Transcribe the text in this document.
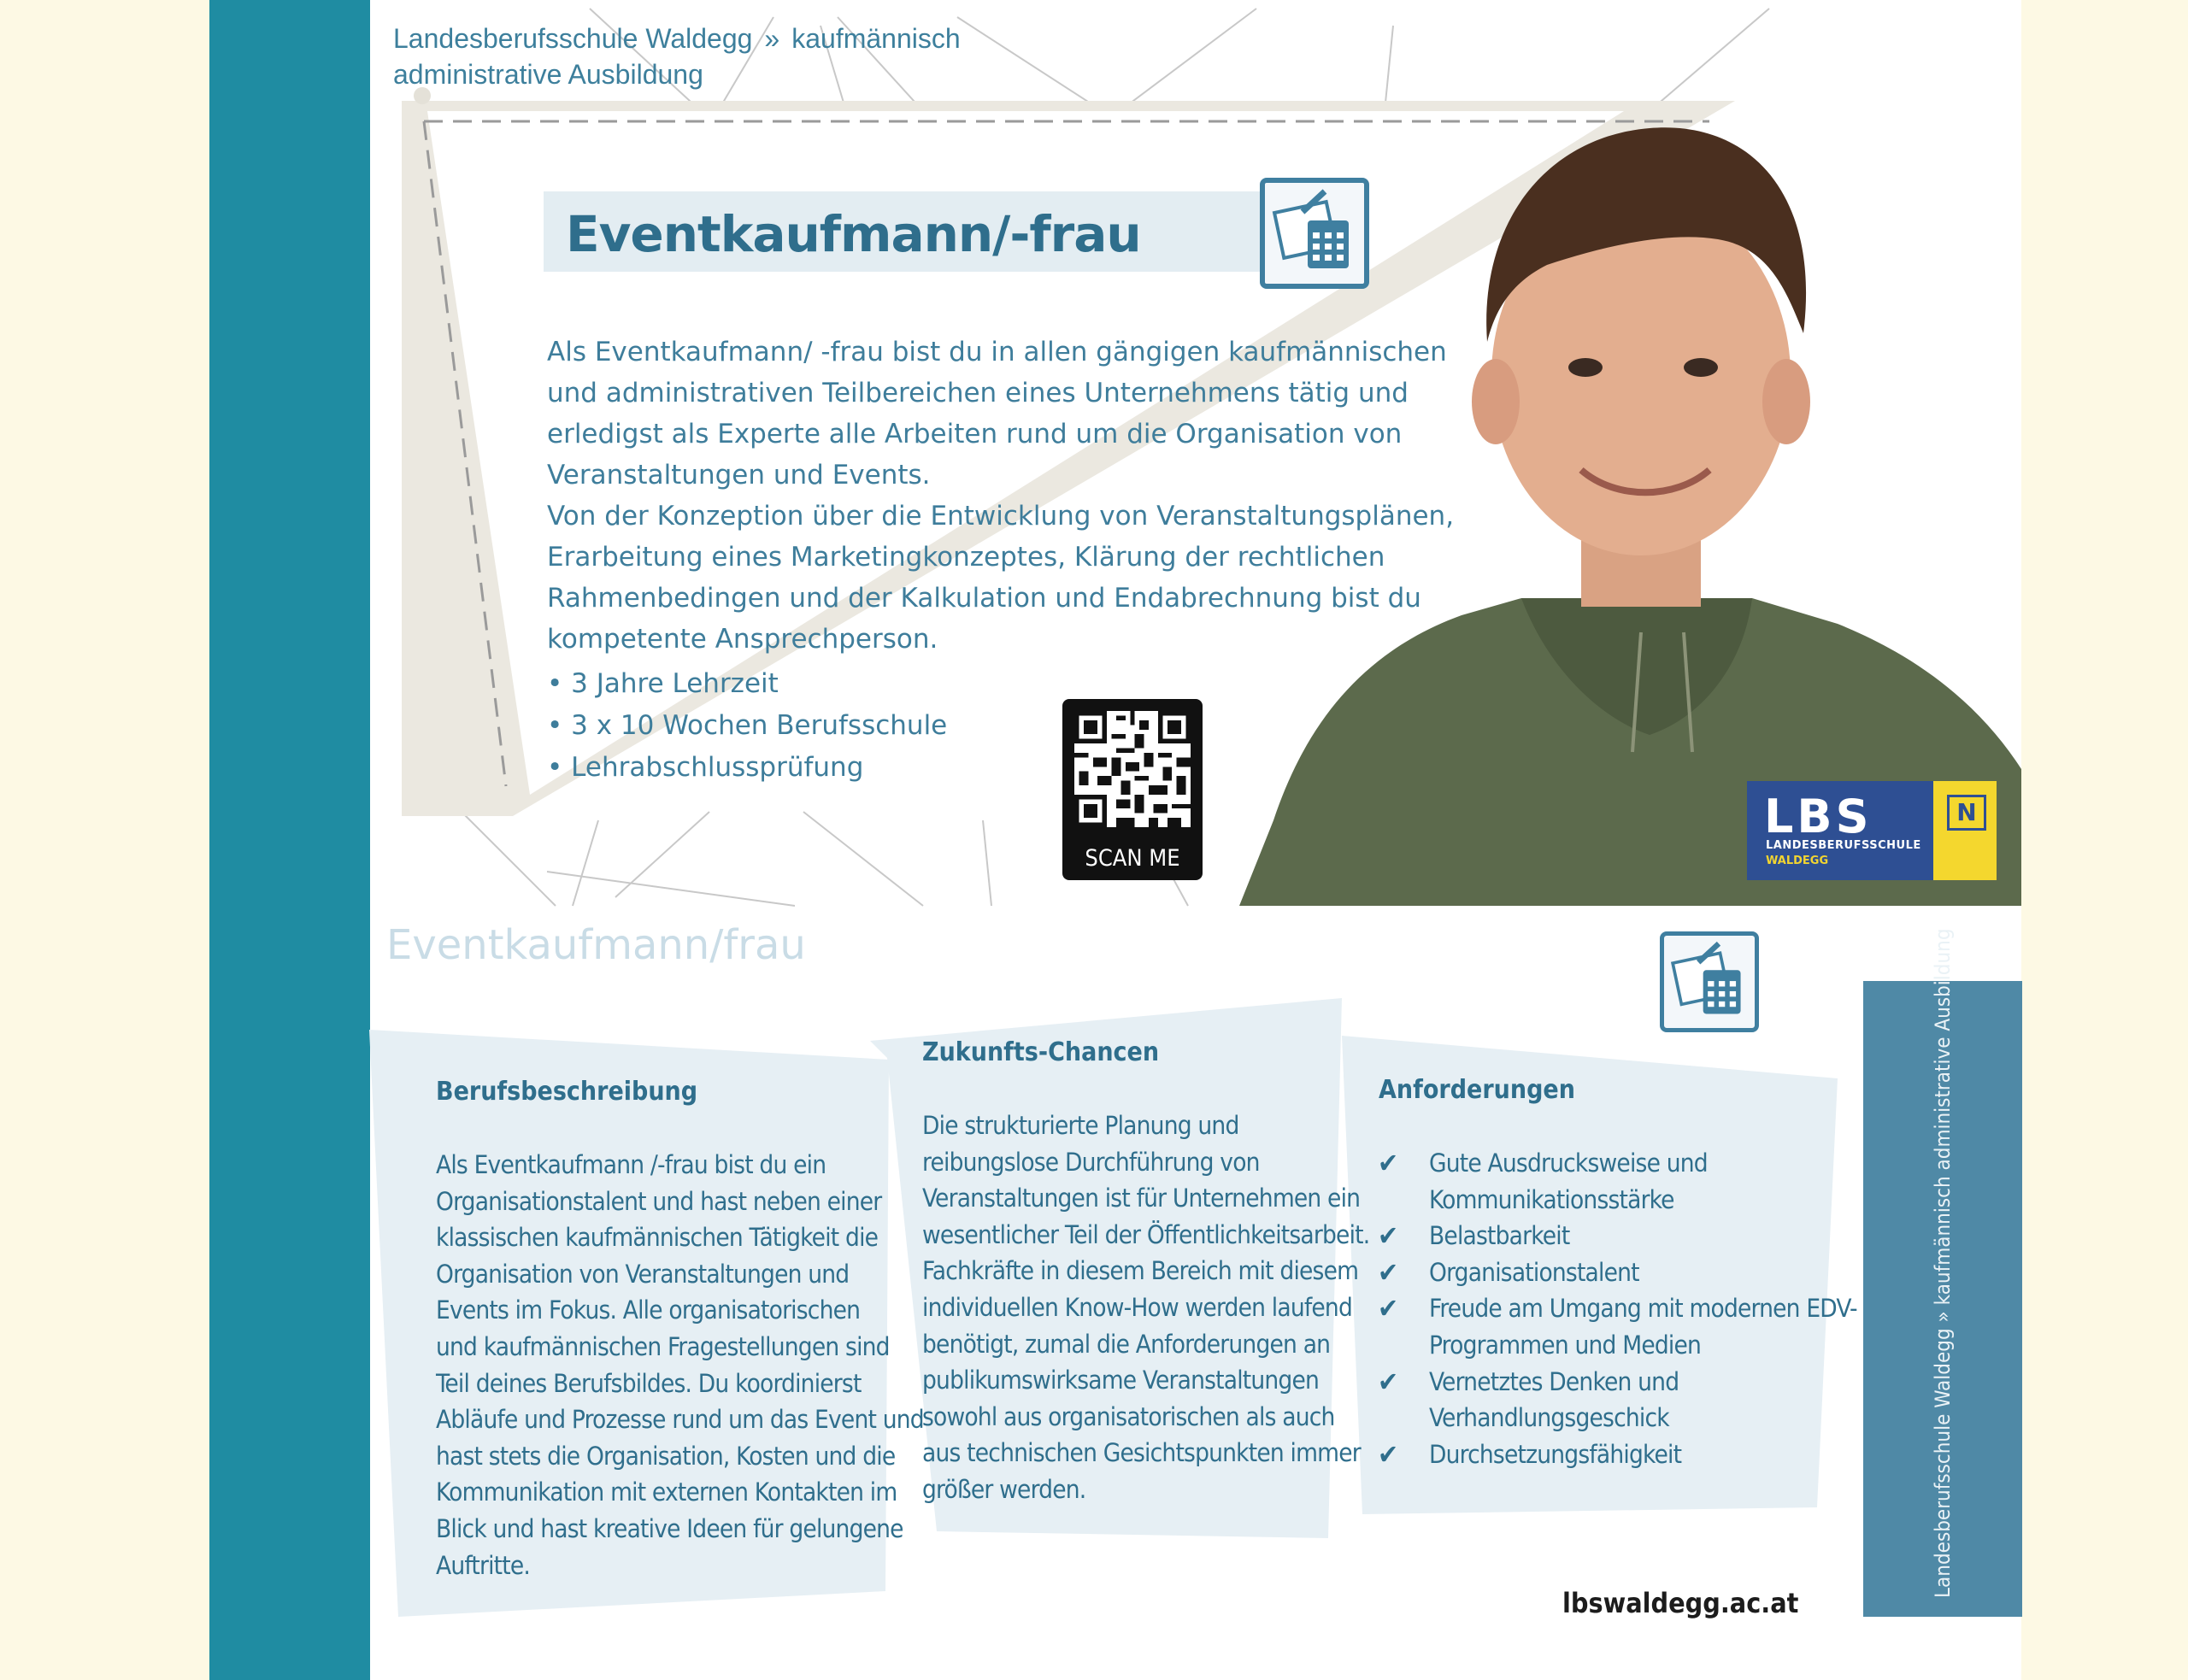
Landesberufsschule Waldegg » kaufmännisch
administrative Ausbildung
Eventkaufmann/-frau

Als Eventkaufmann/ -frau bist du in allen gängigen kaufmännischen und administrativen Teilbereichen eines Unternehmens tätig und erledigst als Experte alle Arbeiten rund um die Organisation von Veranstaltungen und Events.

Von der Konzeption über die Entwicklung von Veranstaltungsplänen, Erarbeitung eines Marketingkonzeptes, Klärung der rechtlichen Rahmenbedingen und der Kalkulation und Endabrechnung bist du kompetente Ansprechperson.

• 3 Jahre Lehrzeit
• 3 x 10 Wochen Berufsschule
• Lehrabschlussprüfung
SCAN ME
LBS
LANDESBERUFSSCHULE
WALDEGG
N
Eventkaufmann/frau
Berufsbeschreibung
Als Eventkaufmann /-frau bist du ein
Organisationstalent und hast neben einer
klassischen kaufmännischen Tätigkeit die
Organisation von Veranstaltungen und
Events im Fokus. Alle organisatorischen
und kaufmännischen Fragestellungen sind
Teil deines Berufsbildes. Du koordinierst
Abläufe und Prozesse rund um das Event und
hast stets die Organisation, Kosten und die
Kommunikation mit externen Kontakten im
Blick und hast kreative Ideen für gelungene
Auftritte.
Zukunfts-Chancen
Die strukturierte Planung und
reibungslose Durchführung von
Veranstaltungen ist für Unternehmen ein
wesentlicher Teil der Öffentlichkeitsarbeit.
Fachkräfte in diesem Bereich mit diesem
individuellen Know-How werden laufend
benötigt, zumal die Anforderungen an
publikumswirksame Veranstaltungen
sowohl aus organisatorischen als auch
aus technischen Gesichtspunkten immer
größer werden.
Anforderungen
✔ Gute Ausdrucksweise und
Kommunikationsstärke
✔ Belastbarkeit
✔ Organisationstalent
✔ Freude am Umgang mit modernen EDV-
Programmen und Medien
✔ Vernetztes Denken und
Verhandlungsgeschick
✔ Durchsetzungsfähigkeit	Landesberufsschule Waldegg » kaufmännisch administrative Ausbildung
lbswaldegg.ac.at
